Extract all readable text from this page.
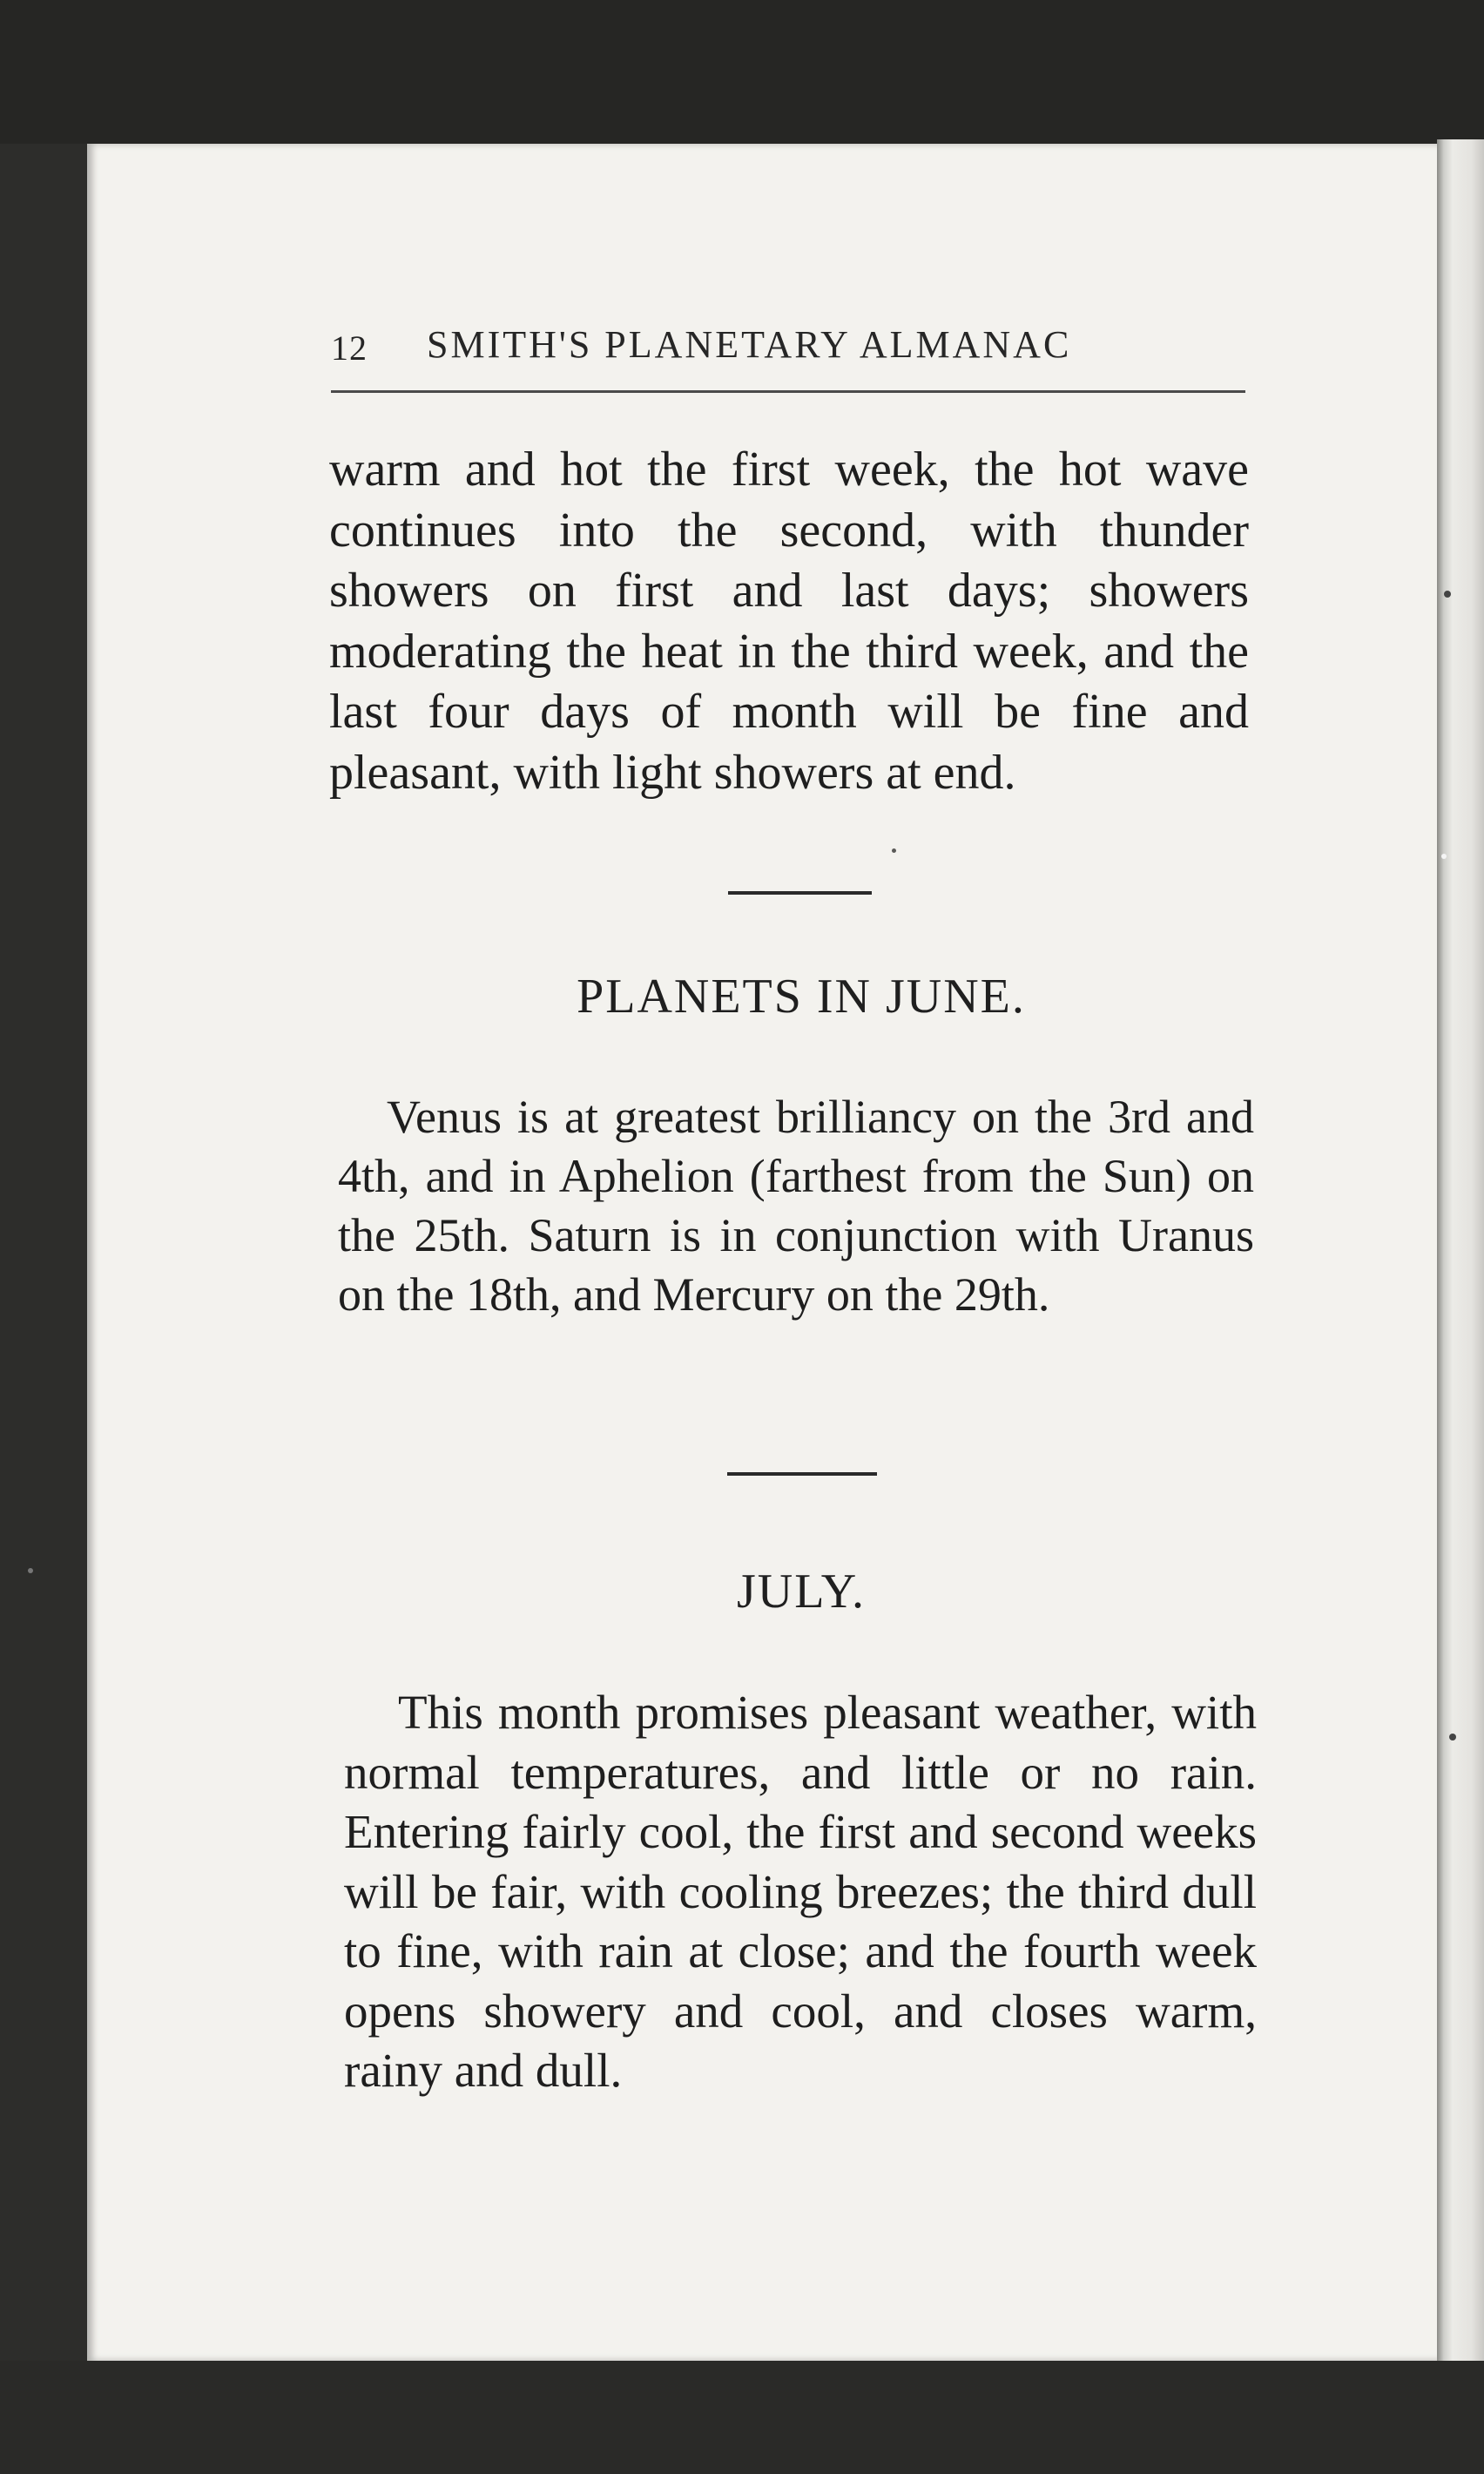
12 SMITH'S PLANETARY ALMANAC

warm and hot the first week, the hot wave continues into the second, with thunder showers on first and last days; showers moderating the heat in the third week, and the last four days of month will be fine and pleasant, with light showers at end.

PLANETS IN JUNE.

Venus is at greatest brilliancy on the 3rd and 4th, and in Aphelion (farthest from the Sun) on the 25th. Saturn is in conjunction with Uranus on the 18th, and Mercury on the 29th.

JULY.

This month promises pleasant weather, with normal temperatures, and little or no rain. Entering fairly cool, the first and second weeks will be fair, with cooling breezes; the third dull to fine, with rain at close; and the fourth week opens showery and cool, and closes warm, rainy and dull.
